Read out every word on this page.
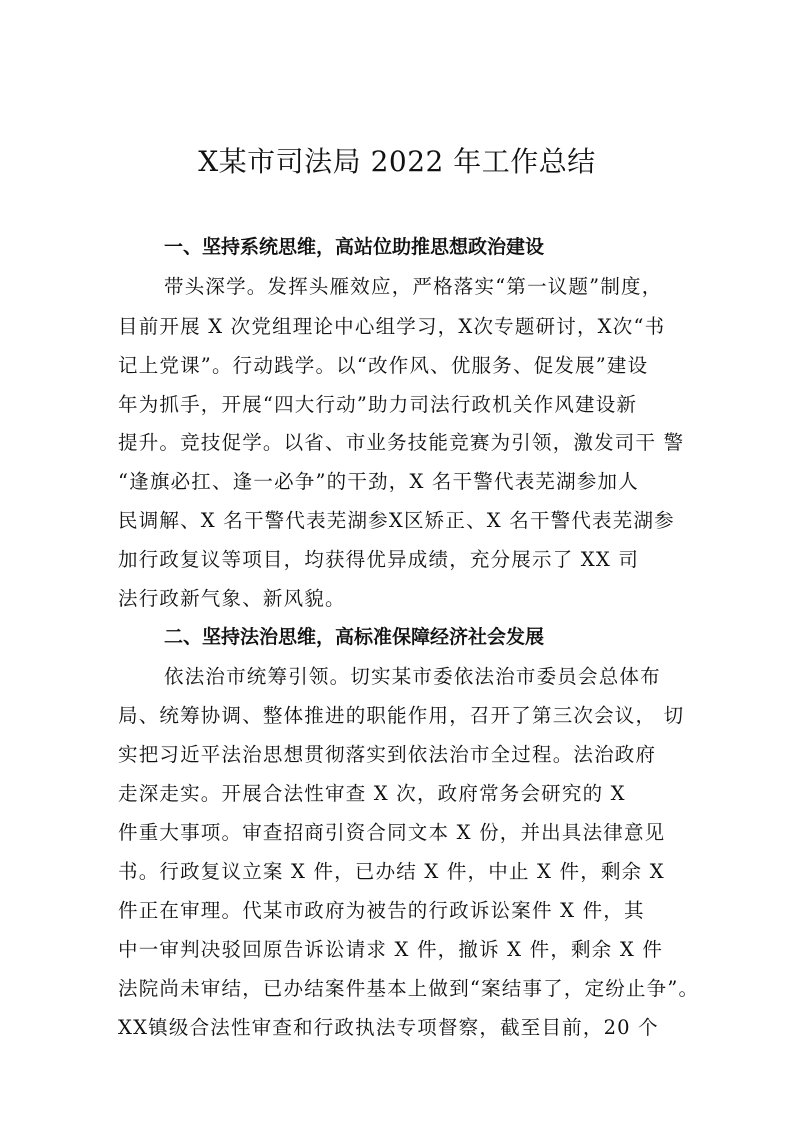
X某市司法局 2022 年工作总结
一、坚持系统思维，高站位助推思想政治建设
带头深学。发挥头雁效应，严格落实“第一议题”制度，
目前开展 X 次党组理论中心组学习，X次专题研讨，X次“书
记上党课”。行动践学。以“改作风、优服务、促发展”建设
年为抓手，开展“四大行动”助力司法行政机关作风建设新
提升。竞技促学。以省、市业务技能竞赛为引领，激发司干 警
“逢旗必扛、逢一必争”的干劲，X 名干警代表芜湖参加人
民调解、X 名干警代表芜湖参X区矫正、X 名干警代表芜湖参
加行政复议等项目，均获得优异成绩，充分展示了 XX 司
法行政新气象、新风貌。
二、坚持法治思维，高标准保障经济社会发展
依法治市统筹引领。切实某市委依法治市委员会总体布
局、统筹协调、整体推进的职能作用，召开了第三次会议， 切
实把习近平法治思想贯彻落实到依法治市全过程。法治政府
走深走实。开展合法性审查 X 次，政府常务会研究的 X
件重大事项。审查招商引资合同文本 X 份，并出具法律意见
书。行政复议立案 X 件，已办结 X 件，中止 X 件，剩余 X
件正在审理。代某市政府为被告的行政诉讼案件 X 件，其
中一审判决驳回原告诉讼请求 X 件，撤诉 X 件，剩余 X 件
法院尚未审结，已办结案件基本上做到“案结事了，定纷止争”。
XX镇级合法性审查和行政执法专项督察，截至目前，20 个
